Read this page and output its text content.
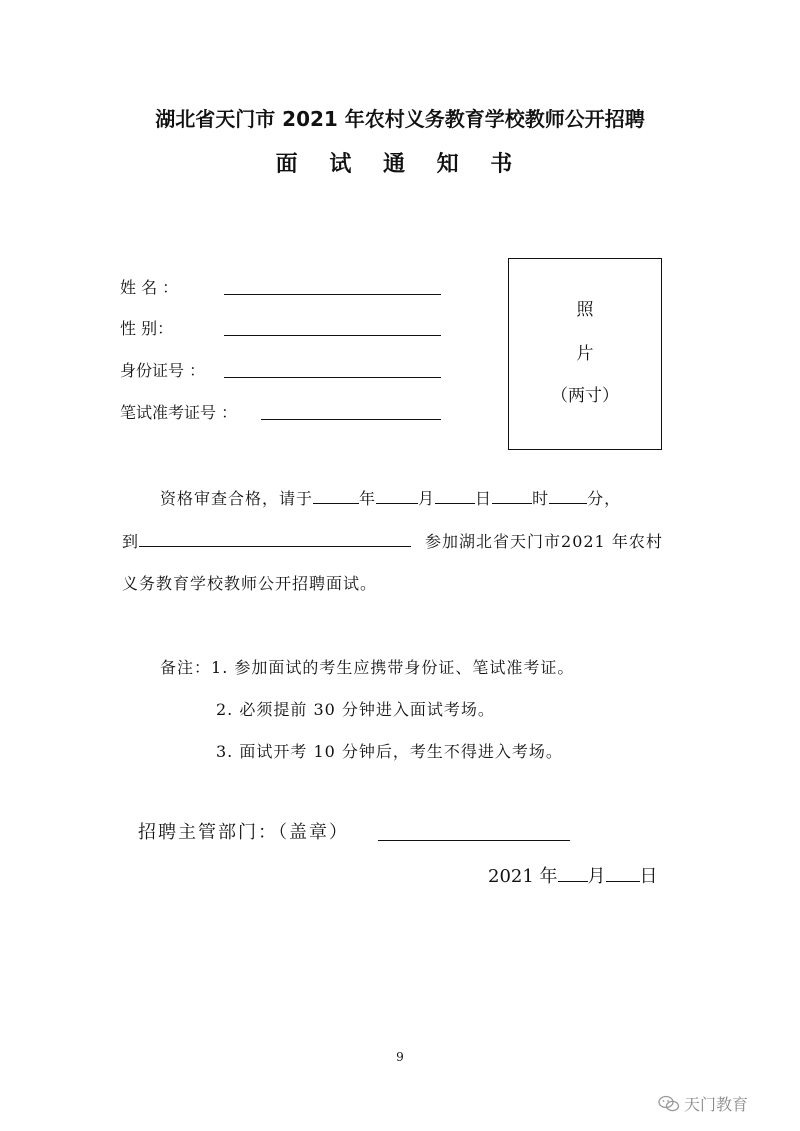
湖北省天门市 2021 年农村义务教育学校教师公开招聘
面 试 通 知 书
姓 名 ：
性 别：
身份证号 ：
笔试准考证号 ：
照
片
（两寸）
资格审查合格，请于	年	月	日	时 分，
到	参加湖北省天门市2021 年农村
义务教育学校教师公开招聘面试。
备注：1. 参加面试的考生应携带身份证、笔试准考证。
2. 必须提前 30 分钟进入面试考场。
3. 面试开考 10 分钟后，考生不得进入考场。
招聘主管部门：（盖章）
2021 年 月 日
9
天门教育
